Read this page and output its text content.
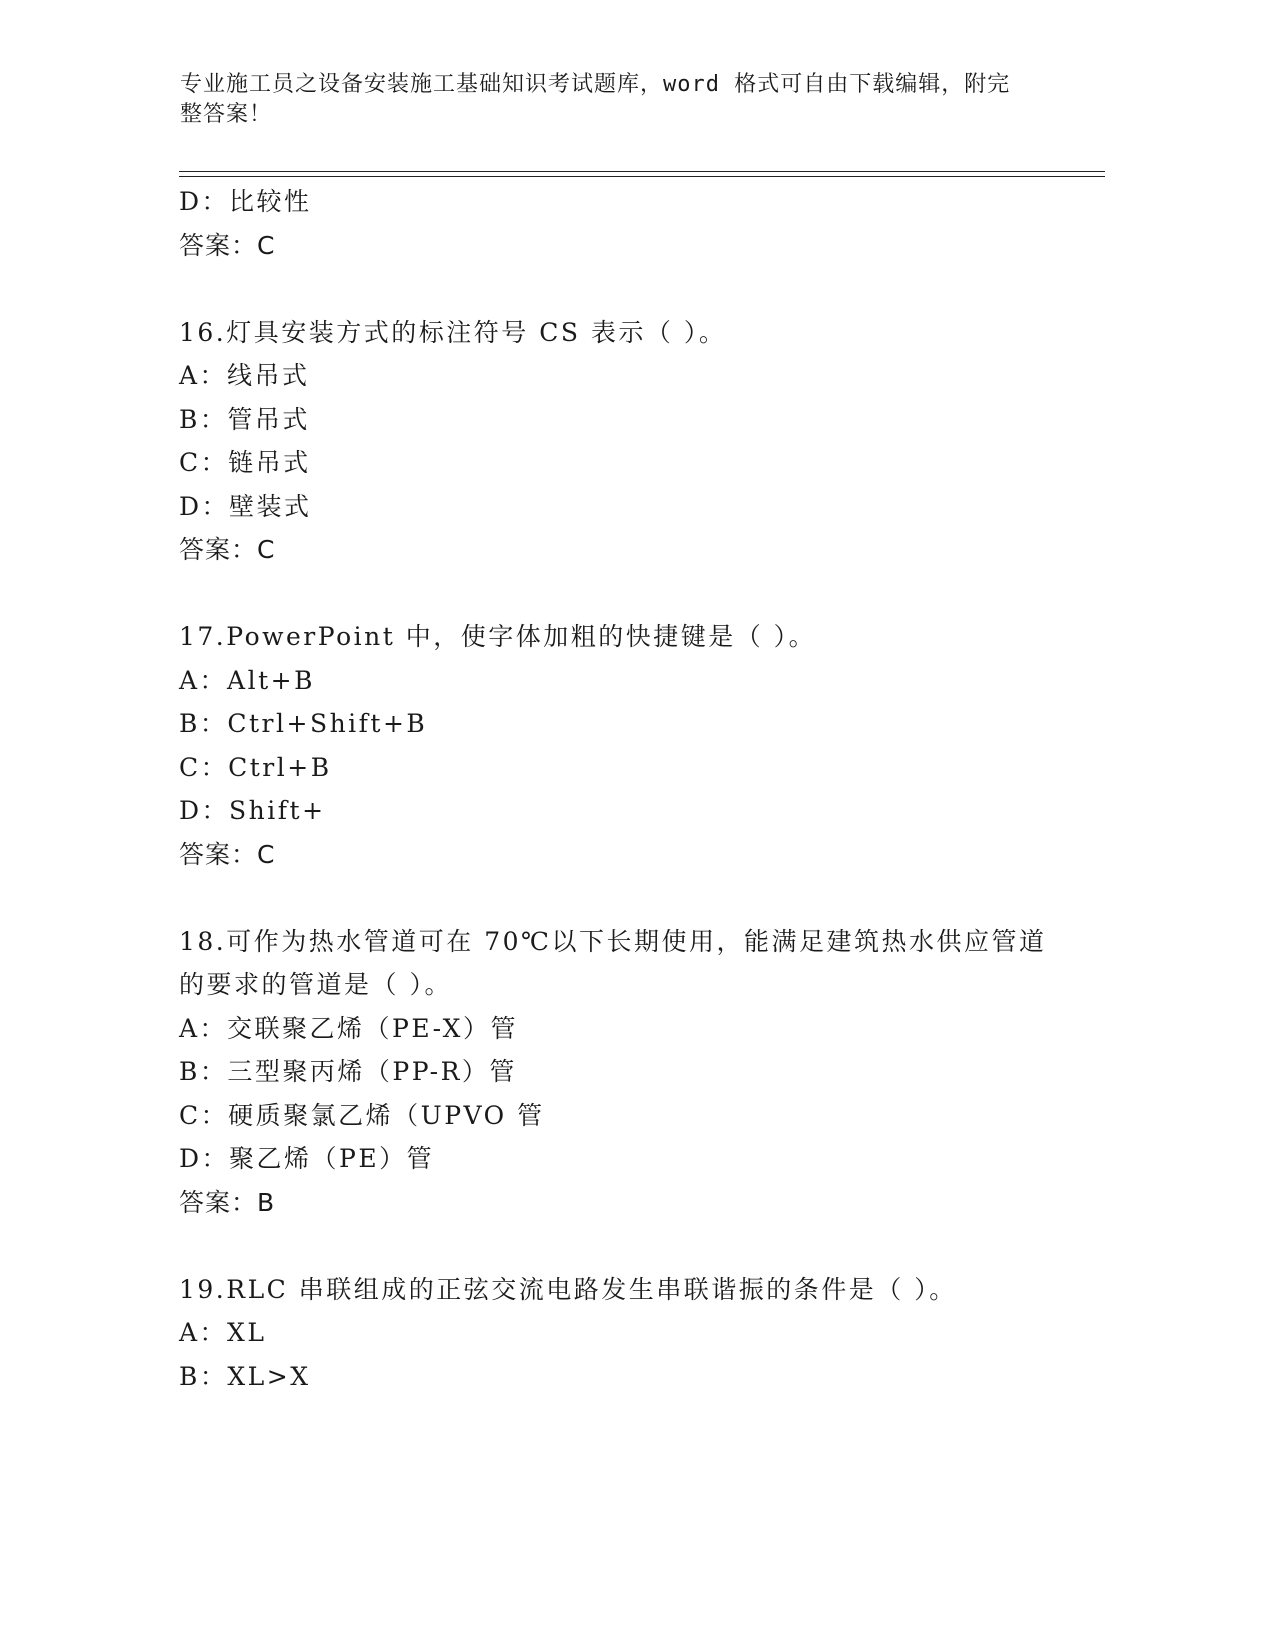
专业施工员之设备安装施工基础知识考试题库，word 格式可自由下载编辑，附完
整答案！
D：比较性
答案：C
16.灯具安装方式的标注符号 CS 表示（ ）。
A：线吊式
B：管吊式
C：链吊式
D：壁装式
答案：C
17.PowerPoint 中，使字体加粗的快捷键是（ ）。
A：Alt+B
B：Ctrl+Shift+B
C：Ctrl+B
D：Shift+
答案：C
18.可作为热水管道可在 70℃以下长期使用，能满足建筑热水供应管道
的要求的管道是（ ）。
A：交联聚乙烯（PE-X）管
B：三型聚丙烯（PP-R）管
C：硬质聚氯乙烯（UPVO 管
D：聚乙烯（PE）管
答案：B
19.RLC 串联组成的正弦交流电路发生串联谐振的条件是（ ）。
A：XL
B：XL>X
